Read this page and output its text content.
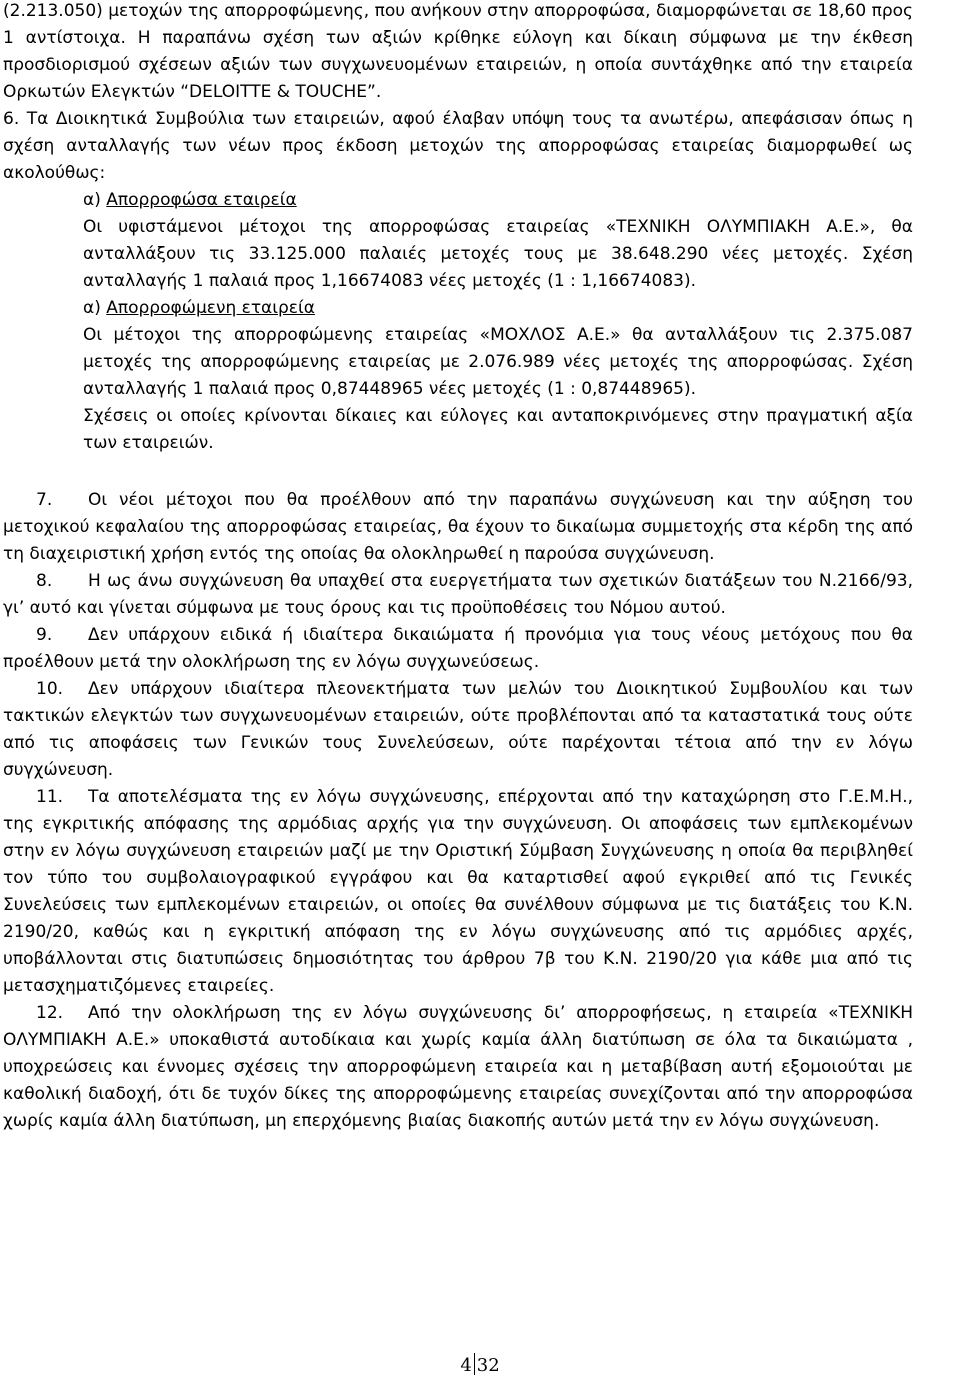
(2.213.050) μετοχών της απορροφώμενης, που ανήκουν στην απορροφώσα, διαμορφώνεται σε 18,60 προς 1 αντίστοιχα. Η παραπάνω σχέση των αξιών κρίθηκε εύλογη και δίκαιη σύμφωνα με την έκθεση προσδιορισμού σχέσεων αξιών των συγχωνευομένων εταιρειών, η οποία συντάχθηκε από την εταιρεία Ορκωτών Ελεγκτών “DELOITTE & TOUCHE”.

6. Τα Διοικητικά Συμβούλια των εταιρειών, αφού έλαβαν υπόψη τους τα ανωτέρω, απεφάσισαν όπως η σχέση ανταλλαγής των νέων προς έκδοση μετοχών της απορροφώσας εταιρείας διαμορφωθεί ως ακολούθως:

α) Απορροφώσα εταιρεία

Οι υφιστάμενοι μέτοχοι της απορροφώσας εταιρείας «ΤΕΧΝΙΚΗ ΟΛΥΜΠΙΑΚΗ Α.Ε.», θα ανταλλάξουν τις 33.125.000 παλαιές μετοχές τους με 38.648.290 νέες μετοχές. Σχέση ανταλλαγής 1 παλαιά προς 1,16674083 νέες μετοχές (1 : 1,16674083).

α) Απορροφώμενη εταιρεία

Οι μέτοχοι της απορροφώμενης εταιρείας «ΜΟΧΛΟΣ Α.Ε.» θα ανταλλάξουν τις 2.375.087 μετοχές της απορροφώμενης εταιρείας με 2.076.989 νέες μετοχές της απορροφώσας. Σχέση ανταλλαγής 1 παλαιά προς 0,87448965 νέες μετοχές (1 : 0,87448965).

Σχέσεις οι οποίες κρίνονται δίκαιες και εύλογες και ανταποκρινόμενες στην πραγματική αξία των εταιρειών.

7. Οι νέοι μέτοχοι που θα προέλθουν από την παραπάνω συγχώνευση και την αύξηση του μετοχικού κεφαλαίου της απορροφώσας εταιρείας, θα έχουν το δικαίωμα συμμετοχής στα κέρδη της από τη διαχειριστική χρήση εντός της οποίας θα ολοκληρωθεί η παρούσα συγχώνευση.

8. Η ως άνω συγχώνευση θα υπαχθεί στα ευεργετήματα των σχετικών διατάξεων του Ν.2166/93, γι’ αυτό και γίνεται σύμφωνα με τους όρους και τις προϋποθέσεις του Νόμου αυτού.

9. Δεν υπάρχουν ειδικά ή ιδιαίτερα δικαιώματα ή προνόμια για τους νέους μετόχους που θα προέλθουν μετά την ολοκλήρωση της εν λόγω συγχωνεύσεως.

10. Δεν υπάρχουν ιδιαίτερα πλεονεκτήματα των μελών του Διοικητικού Συμβουλίου και των τακτικών ελεγκτών των συγχωνευομένων εταιρειών, ούτε προβλέπονται από τα καταστατικά τους ούτε από τις αποφάσεις των Γενικών τους Συνελεύσεων, ούτε παρέχονται τέτοια από την εν λόγω συγχώνευση.

11. Τα αποτελέσματα της εν λόγω συγχώνευσης, επέρχονται από την καταχώρηση στο Γ.Ε.Μ.Η., της εγκριτικής απόφασης της αρμόδιας αρχής για την συγχώνευση. Οι αποφάσεις των εμπλεκομένων στην εν λόγω συγχώνευση εταιρειών μαζί με την Οριστική Σύμβαση Συγχώνευσης η οποία θα περιβληθεί τον τύπο του συμβολαιογραφικού εγγράφου και θα καταρτισθεί αφού εγκριθεί από τις Γενικές Συνελεύσεις των εμπλεκομένων εταιρειών, οι οποίες θα συνέλθουν σύμφωνα με τις διατάξεις του Κ.Ν. 2190/20, καθώς και η εγκριτική απόφαση της εν λόγω συγχώνευσης από τις αρμόδιες αρχές, υποβάλλονται στις διατυπώσεις δημοσιότητας του άρθρου 7β του Κ.Ν. 2190/20 για κάθε μια από τις μετασχηματιζόμενες εταιρείες.

12. Από την ολοκλήρωση της εν λόγω συγχώνευσης δι’ απορροφήσεως, η εταιρεία «ΤΕΧΝΙΚΗ ΟΛΥΜΠΙΑΚΗ Α.Ε.» υποκαθιστά αυτοδίκαια και χωρίς καμία άλλη διατύπωση σε όλα τα δικαιώματα , υποχρεώσεις και έννομες σχέσεις την απορροφώμενη εταιρεία και η μεταβίβαση αυτή εξομοιούται με καθολική διαδοχή, ότι δε τυχόν δίκες της απορροφώμενης εταιρείας συνεχίζονται από την απορροφώσα χωρίς καμία άλλη διατύπωση, μη επερχόμενης βιαίας διακοπής αυτών μετά την εν λόγω συγχώνευση.

4 32
